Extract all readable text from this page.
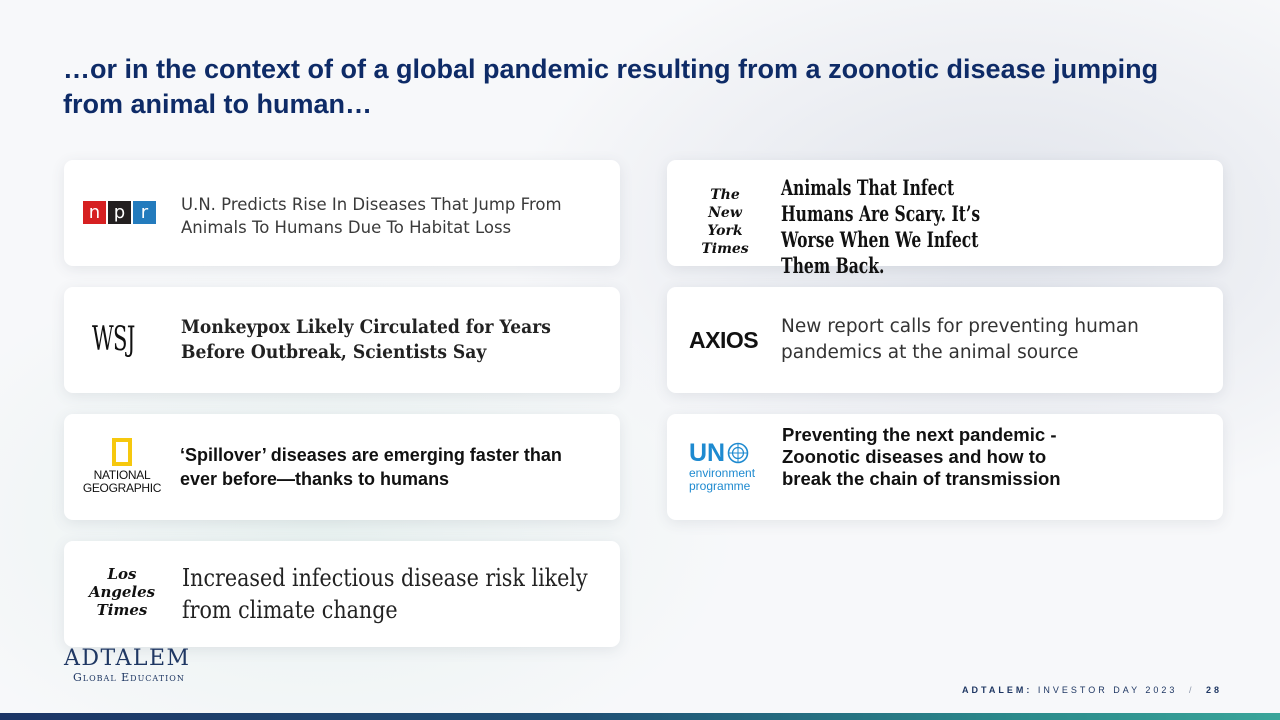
…or in the context of of a global pandemic resulting from a zoonotic disease jumping from animal to human…
n p r	U.N. Predicts Rise In Diseases That Jump From Animals To Humans Due To Habitat Loss
WSJ Monkeypox Likely Circulated for Years Before Outbreak, Scientists Say
NATIONAL
GEOGRAPHIC
‘Spillover’ diseases are emerging faster than ever before—thanks to humans
Los
Angeles
Times
Increased infectious disease risk likely from climate change
The
New York
Times
Animals That Infect Humans Are Scary. It’s Worse When We Infect Them Back.
AXIOS
New report calls for preventing human pandemics at the animal source
UN
environment
programme
Preventing the next pandemic - Zoonotic diseases and how to break the chain of transmission
ADTALEM
Global Education
ADTALEM: INVESTOR DAY 2023 / 28
